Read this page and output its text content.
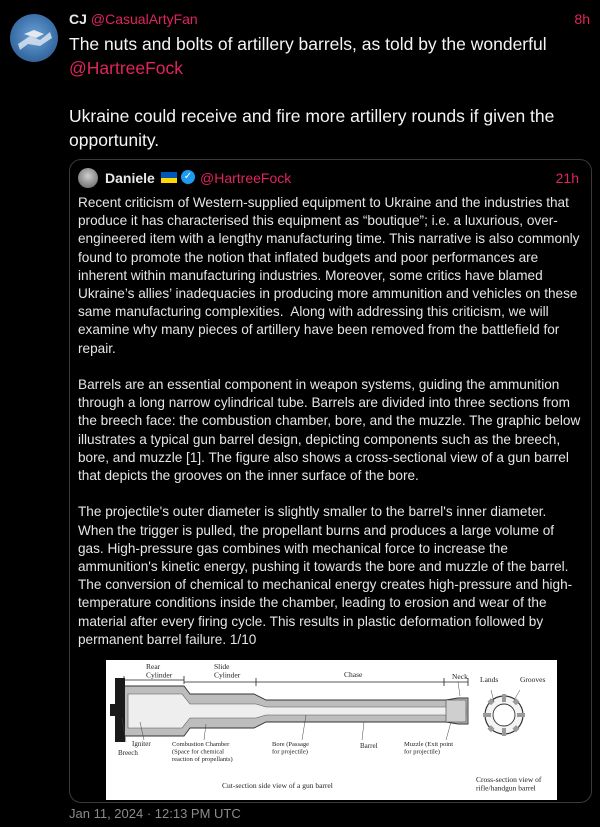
CJ @CasualArtyFan	8h
The nuts and bolts of artillery barrels, as told by the wonderful
@HartreeFock

Ukraine could receive and fire more artillery rounds if given the opportunity.
Daniele	✓ @HartreeFock	21h

Recent criticism of Western-supplied equipment to Ukraine and the industries that produce it has characterised this equipment as “boutique”; i.e. a luxurious, over-engineered item with a lengthy manufacturing time. This narrative is also commonly found to promote the notion that inflated budgets and poor performances are inherent within manufacturing industries. Moreover, some critics have blamed Ukraine’s allies’ inadequacies in producing more ammunition and vehicles on these same manufacturing complexities.  Along with addressing this criticism, we will examine why many pieces of artillery have been removed from the battlefield for repair.

Barrels are an essential component in weapon systems, guiding the ammunition through a long narrow cylindrical tube. Barrels are divided into three sections from the breech face: the combustion chamber, bore, and the muzzle. The graphic below illustrates a typical gun barrel design, depicting components such as the breech, bore, and muzzle [1]. The figure also shows a cross-sectional view of a gun barrel that depicts the grooves on the inner surface of the bore.

The projectile's outer diameter is slightly smaller to the barrel's inner diameter. When the trigger is pulled, the propellant burns and produces a large volume of gas. High-pressure gas combines with mechanical force to increase the ammunition's kinetic energy, pushing it towards the bore and muzzle of the barrel. The conversion of chemical to mechanical energy creates high-pressure and high-temperature conditions inside the chamber, leading to erosion and wear of the material after every firing cycle. This results in plastic deformation followed by permanent barrel failure. 1/10

Rear Cylinder
Slide Cylinder	Chase	Neck Lands	Grooves
Igniter
Breech
Combustion Chamber (Space for chemical reaction of propellants)
Bore (Passage for projectile)
Barrel	Muzzle (Exit point for projectile)
Cut-section side view of a gun barrel
Cross-section view of rifle/handgun barrel
Jan 11, 2024 · 12:13 PM UTC
